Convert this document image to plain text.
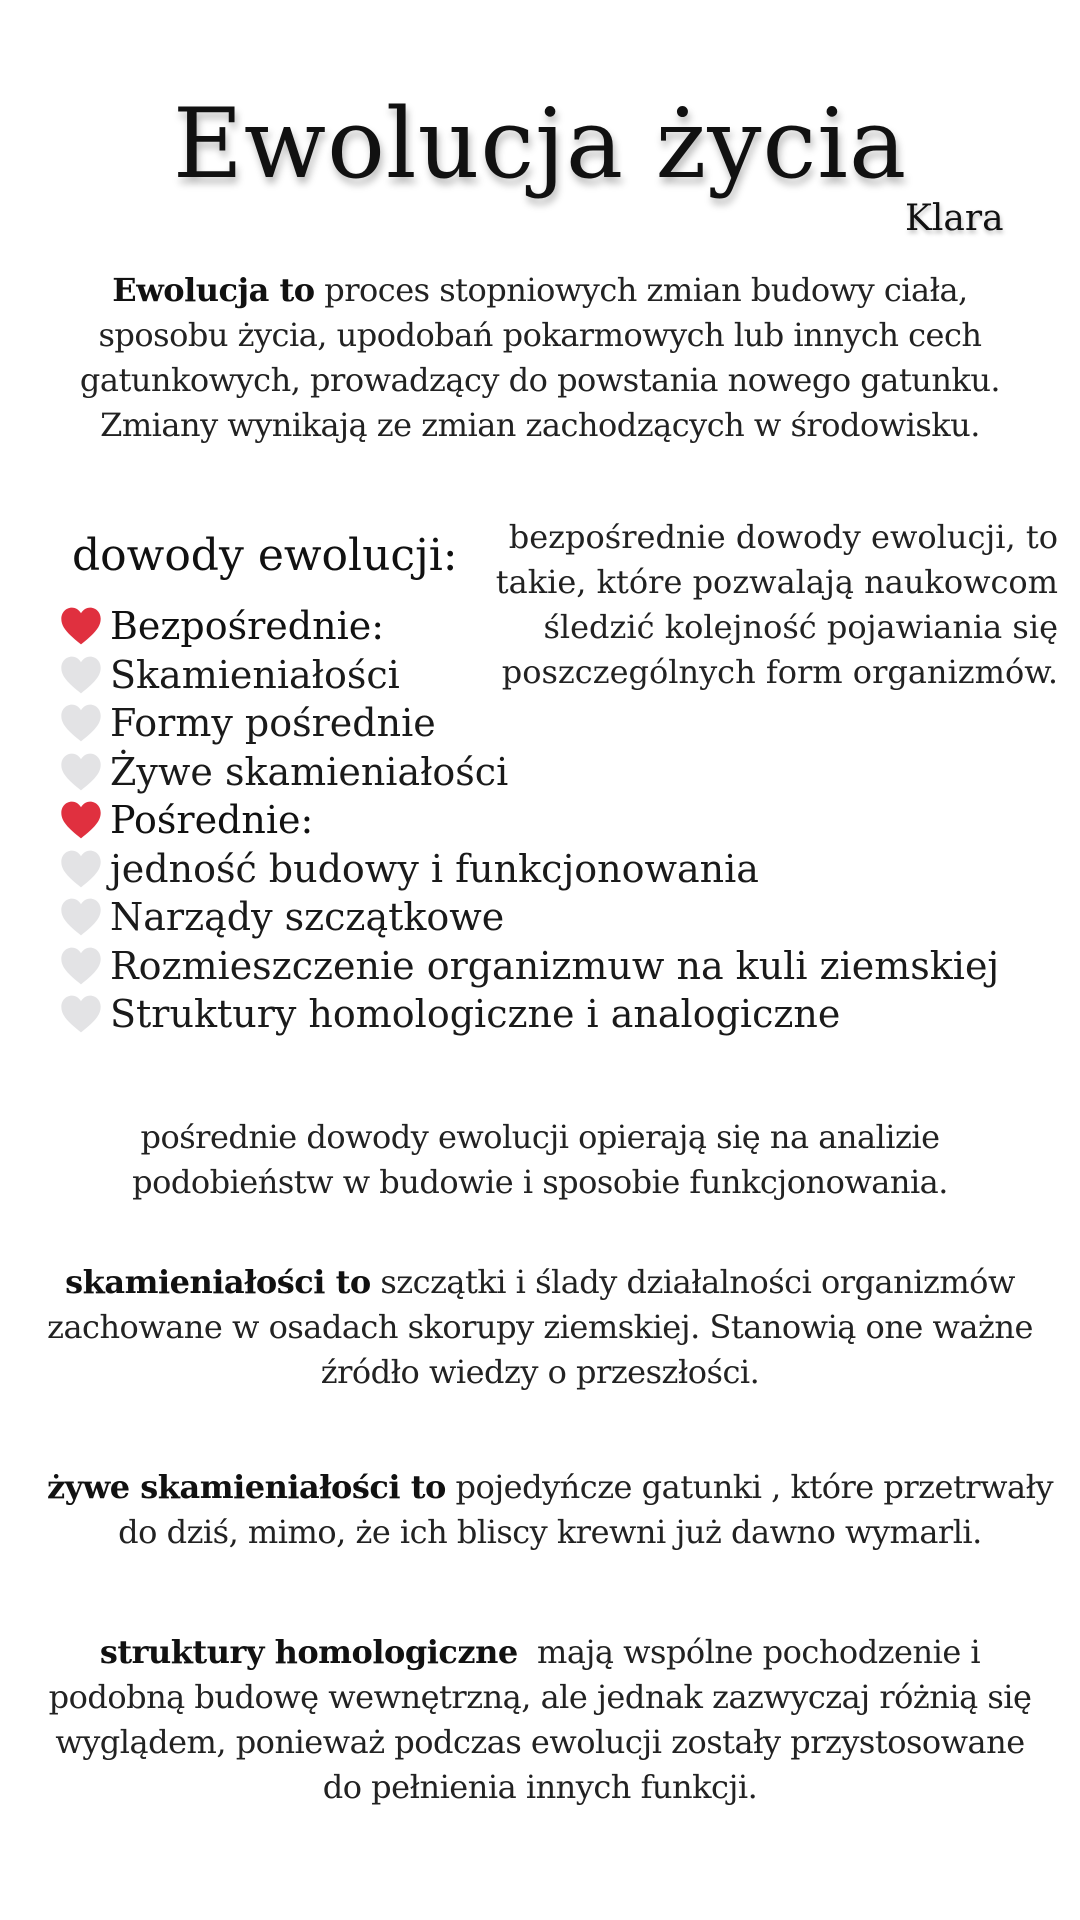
Ewolucja życia
Klara
Ewolucja to proces stopniowych zmian budowy ciała, sposobu życia, upodobań pokarmowych lub innych cech gatunkowych, prowadzący do powstania nowego gatunku. Zmiany wynikają ze zmian zachodzących w środowisku.
dowody ewolucji:	bezpośrednie dowody ewolucji, to takie, które pozwalają naukowcom śledzić kolejność pojawiania się poszczególnych form organizmów.
Bezpośrednie:
Skamieniałości
Formy pośrednie
Żywe skamieniałości
Pośrednie:
jedność budowy i funkcjonowania
Narządy szczątkowe
Rozmieszczenie organizmuw na kuli ziemskiej
Struktury homologiczne i analogiczne
pośrednie dowody ewolucji opierają się na analizie podobieństw w budowie i sposobie funkcjonowania.
skamieniałości to szczątki i ślady działalności organizmów zachowane w osadach skorupy ziemskiej. Stanowią one ważne źródło wiedzy o przeszłości.
żywe skamieniałości to pojedyńcze gatunki , które przetrwały do dziś, mimo, że ich bliscy krewni już dawno wymarli.
struktury homologiczne  mają wspólne pochodzenie i podobną budowę wewnętrzną, ale jednak zazwyczaj różnią się wyglądem, ponieważ podczas ewolucji zostały przystosowane do pełnienia innych funkcji.
